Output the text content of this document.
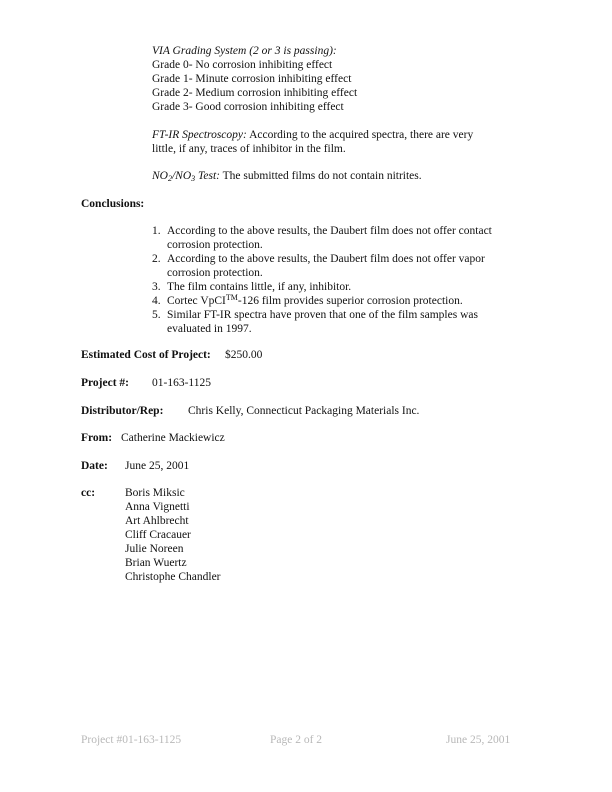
VIA Grading System (2 or 3 is passing):
Grade 0- No corrosion inhibiting effect
Grade 1- Minute corrosion inhibiting effect
Grade 2- Medium corrosion inhibiting effect
Grade 3- Good corrosion inhibiting effect
FT-IR Spectroscopy: According to the acquired spectra, there are very
little, if any, traces of inhibitor in the film.
$NO_2/NO_3$ Test: The submitted films do not contain nitrites.
Conclusions:
1. According to the above results, the Daubert film does not offer contact
corrosion protection.
2. According to the above results, the Daubert film does not offer vapor
corrosion protection.
3. The film contains little, if any, inhibitor.
4. Cortec VpCI™-126 film provides superior corrosion protection.
5. Similar FT-IR spectra have proven that one of the film samples was
evaluated in 1997.
Estimated Cost of Project: $250.00
Project #: 01-163-1125
Distributor/Rep: Chris Kelly, Connecticut Packaging Materials Inc.
From: Catherine Mackiewicz
Date: June 25, 2001
cc:	Boris Miksic
Anna Vignetti
Art Ahlbrecht
Cliff Cracauer
Julie Noreen
Brian Wuertz
Christophe Chandler
Project #01-163-1125	Page 2 of 2	June 25, 2001
